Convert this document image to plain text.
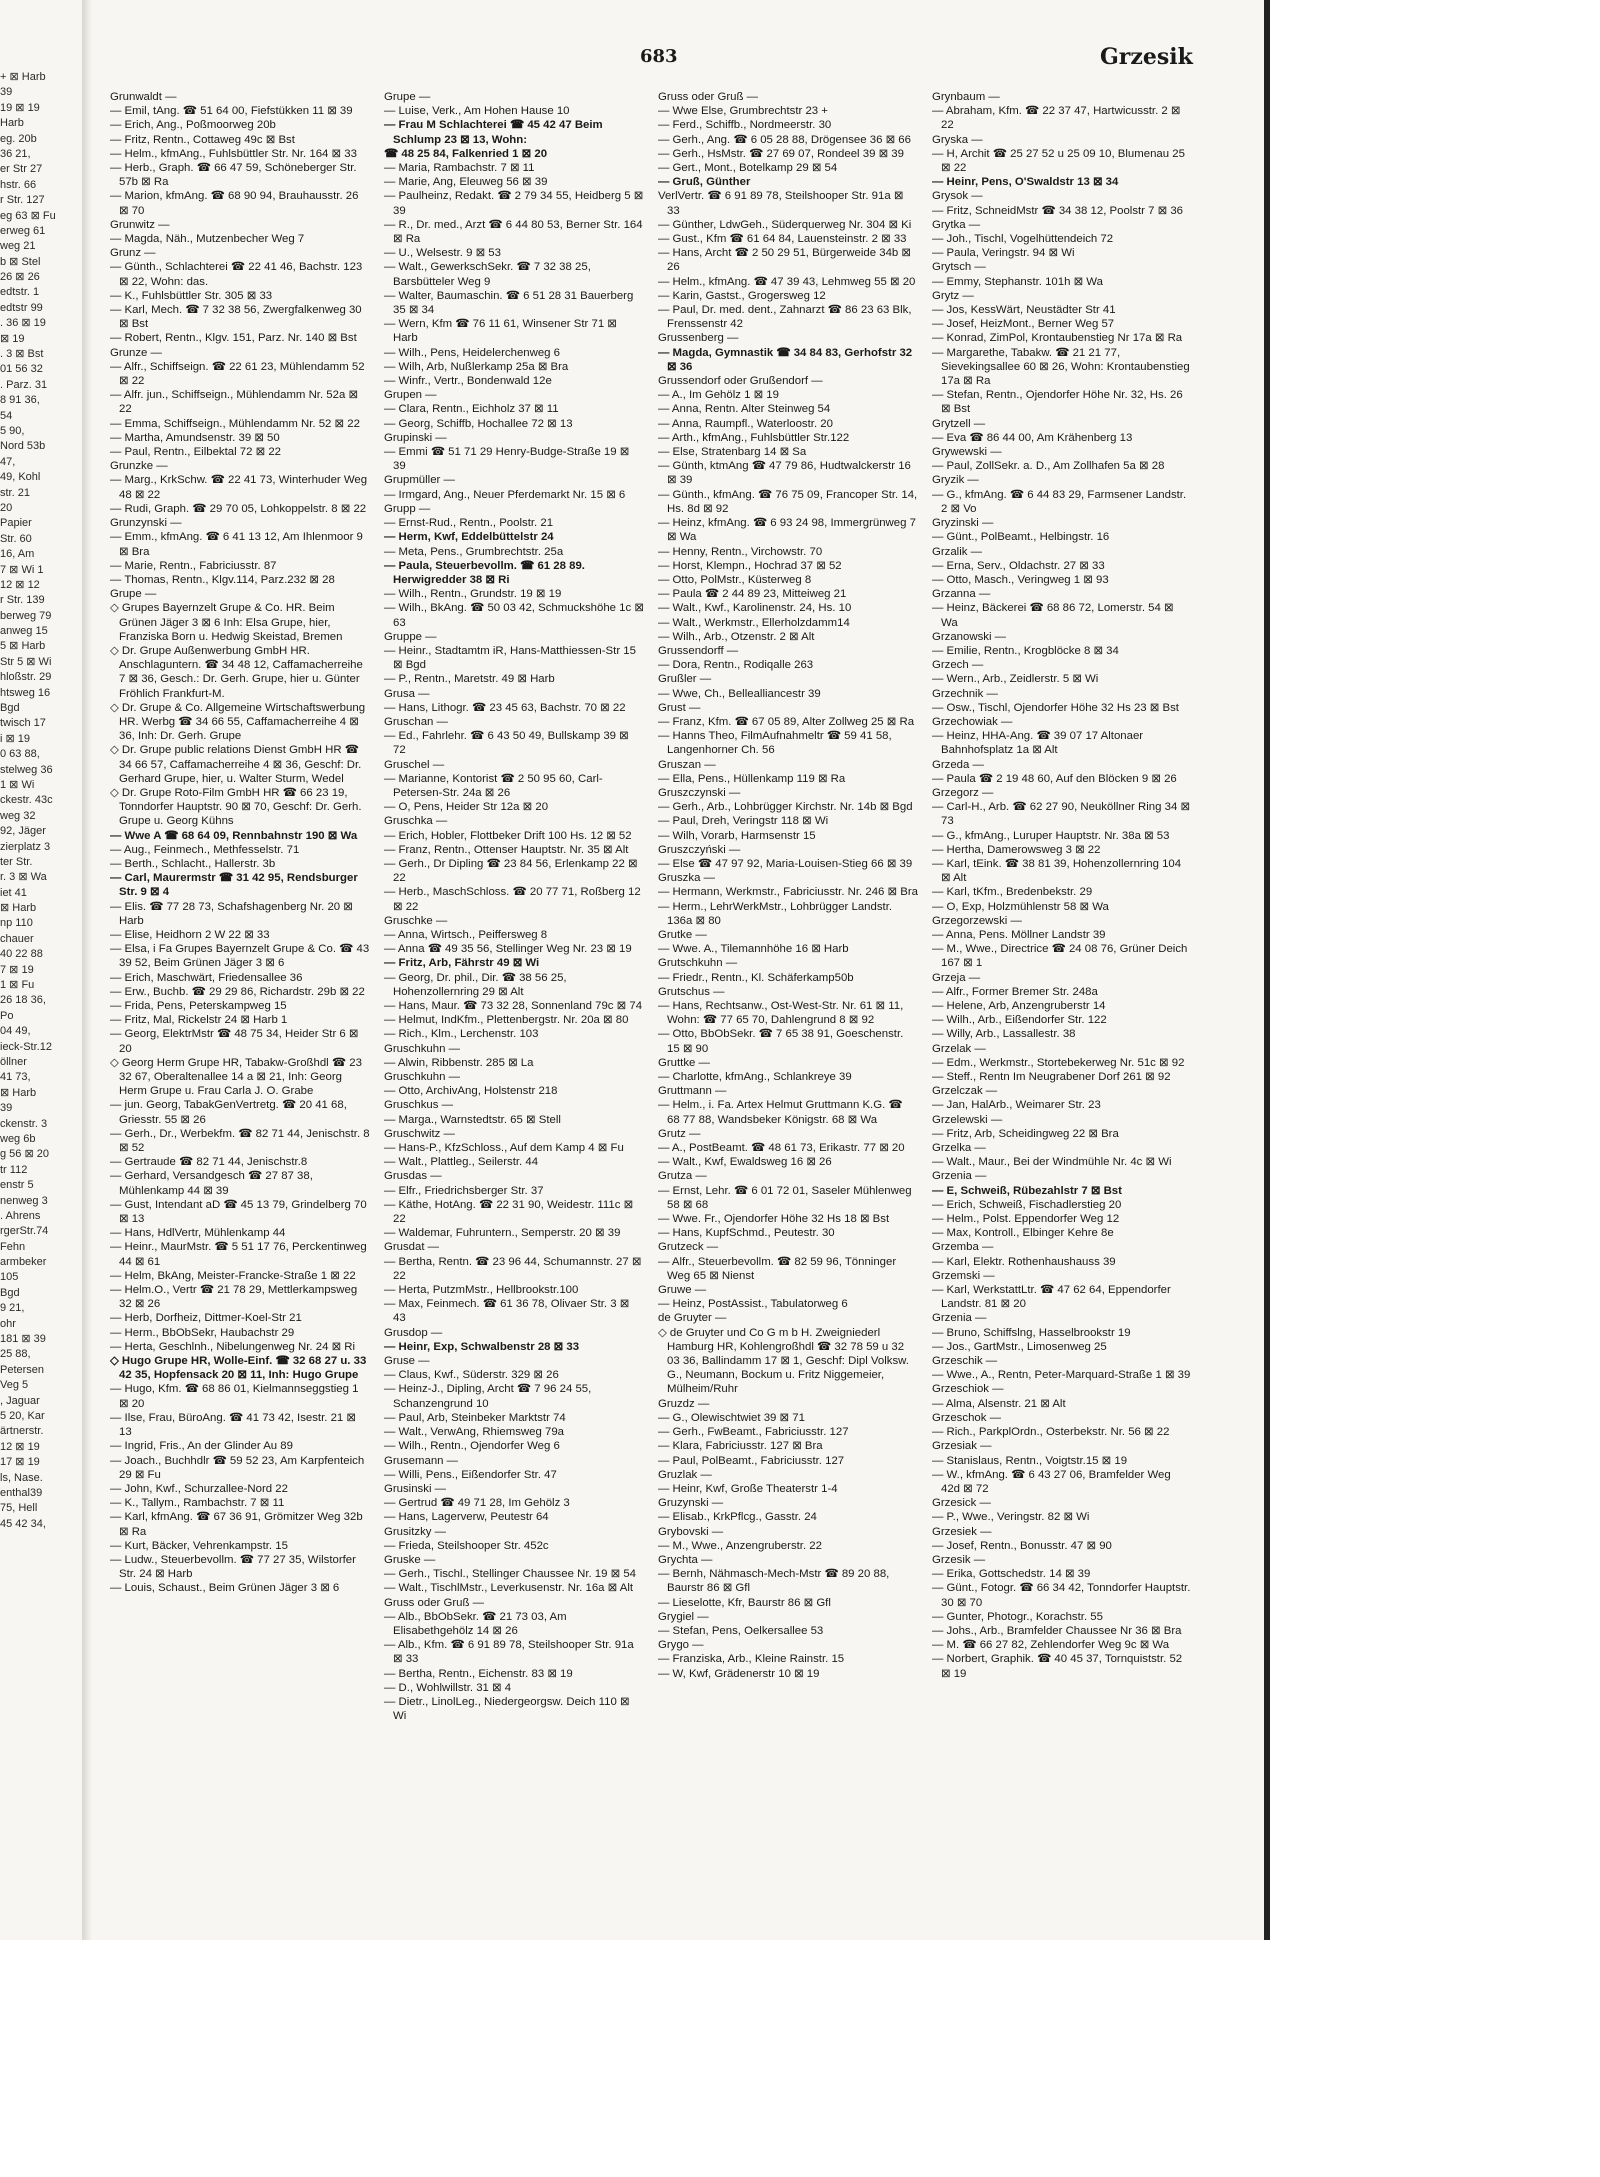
+ ⊠ Harb
39
19 ⊠ 19
Harb
eg. 20b
36 21,
er Str 27
hstr. 66
r Str. 127
eg 63 ⊠ Fu
erweg 61
weg 21
b ⊠ Stel
26 ⊠ 26
edtstr. 1
edtstr 99
. 36 ⊠ 19
⊠ 19
. 3 ⊠ Bst
01 56 32
. Parz. 31
8 91 36,
54
5 90,
Nord 53b
47,
49, Kohl
str. 21
20
Papier
Str. 60
16, Am
7 ⊠ Wi 1
12 ⊠ 12
r Str. 139
berweg 79
anweg 15
5 ⊠ Harb
Str 5 ⊠ Wi
hloßstr. 29
htsweg 16
Bgd
twisch 17
i ⊠ 19
0 63 88,
stelweg 36
1 ⊠ Wi
ckestr. 43c
weg 32
92, Jäger
zierplatz 3
ter Str.
r. 3 ⊠ Wa
iet 41
⊠ Harb
np 110
chauer
40 22 88
7 ⊠ 19
1 ⊠ Fu
26 18 36,
Po
04 49,
ieck-Str.12
öllner
41 73,
⊠ Harb
39
ckenstr. 3
weg 6b
g 56 ⊠ 20
tr 112
enstr 5
nenweg 3
. Ahrens
rgerStr.74
Fehn
armbeker
105
Bgd
9 21,
ohr
181 ⊠ 39
25 88,
Petersen
Veg 5
, Jaguar
5 20, Kar
ärtnerstr.
12 ⊠ 19
17 ⊠ 19
ls, Nase.
enthal39
75, Hell
45 42 34,
683	Grzesik
Grunwaldt —
— Emil, tAng. ☎ 51 64 00, Fiefstükken 11 ⊠ 39
— Erich, Ang., Poßmoorweg 20b
— Fritz, Rentn., Cottaweg 49c ⊠ Bst
— Helm., kfmAng., Fuhlsbüttler Str. Nr. 164 ⊠ 33
— Herb., Graph. ☎ 66 47 59, Schöneberger Str. 57b ⊠ Ra
— Marion, kfmAng. ☎ 68 90 94, Brauhausstr. 26 ⊠ 70
Grunwitz —
— Magda, Näh., Mutzenbecher Weg 7
Grunz —
— Günth., Schlachterei ☎ 22 41 46, Bachstr. 123 ⊠ 22, Wohn: das.
— K., Fuhlsbüttler Str. 305 ⊠ 33
— Karl, Mech. ☎ 7 32 38 56, Zwergfalkenweg 30 ⊠ Bst
— Robert, Rentn., Klgv. 151, Parz. Nr. 140 ⊠ Bst
Grunze —
— Alfr., Schiffseign. ☎ 22 61 23, Mühlendamm 52 ⊠ 22
— Alfr. jun., Schiffseign., Mühlendamm Nr. 52a ⊠ 22
— Emma, Schiffseign., Mühlendamm Nr. 52 ⊠ 22
— Martha, Amundsenstr. 39 ⊠ 50
— Paul, Rentn., Eilbektal 72 ⊠ 22
Grunzke —
— Marg., KrkSchw. ☎ 22 41 73, Winterhuder Weg 48 ⊠ 22
— Rudi, Graph. ☎ 29 70 05, Lohkoppelstr. 8 ⊠ 22
Grunzynski —
— Emm., kfmAng. ☎ 6 41 13 12, Am Ihlenmoor 9 ⊠ Bra
— Marie, Rentn., Fabriciusstr. 87
— Thomas, Rentn., Klgv.114, Parz.232 ⊠ 28
Grupe —
◇ Grupes Bayernzelt Grupe & Co. HR. Beim Grünen Jäger 3 ⊠ 6 Inh: Elsa Grupe, hier, Franziska Born u. Hedwig Skeistad, Bremen
◇ Dr. Grupe Außenwerbung GmbH HR. Anschlaguntern. ☎ 34 48 12, Caffamacherreihe 7 ⊠ 36, Gesch.: Dr. Gerh. Grupe, hier u. Günter Fröhlich Frankfurt-M.
◇ Dr. Grupe & Co. Allgemeine Wirtschaftswerbung HR. Werbg ☎ 34 66 55, Caffamacherreihe 4 ⊠ 36, Inh: Dr. Gerh. Grupe
◇ Dr. Grupe public relations Dienst GmbH HR ☎ 34 66 57, Caffamacherreihe 4 ⊠ 36, Geschf: Dr. Gerhard Grupe, hier, u. Walter Sturm, Wedel
◇ Dr. Grupe Roto-Film GmbH HR ☎ 66 23 19, Tonndorfer Hauptstr. 90 ⊠ 70, Geschf: Dr. Gerh. Grupe u. Georg Kühns
— Wwe A ☎ 68 64 09, Rennbahnstr 190 ⊠ Wa
— Aug., Feinmech., Methfesselstr. 71
— Berth., Schlacht., Hallerstr. 3b
— Carl, Maurermstr ☎ 31 42 95, Rendsburger Str. 9 ⊠ 4
— Elis. ☎ 77 28 73, Schafshagenberg Nr. 20 ⊠ Harb
— Elise, Heidhorn 2 W 22 ⊠ 33
— Elsa, i Fa Grupes Bayernzelt Grupe & Co. ☎ 43 39 52, Beim Grünen Jäger 3 ⊠ 6
— Erich, Maschwärt, Friedensallee 36
— Erw., Buchb. ☎ 29 29 86, Richardstr. 29b ⊠ 22
— Frida, Pens, Peterskampweg 15
— Fritz, Mal, Rickelstr 24 ⊠ Harb 1
— Georg, ElektrMstr ☎ 48 75 34, Heider Str 6 ⊠ 20
◇ Georg Herm Grupe HR, Tabakw-Großhdl ☎ 23 32 67, Oberaltenallee 14 a ⊠ 21, Inh: Georg Herm Grupe u. Frau Carla J. O. Grabe
— jun. Georg, TabakGenVertretg. ☎ 20 41 68, Griesstr. 55 ⊠ 26
— Gerh., Dr., Werbekfm. ☎ 82 71 44, Jenischstr. 8 ⊠ 52
— Gertraude ☎ 82 71 44, Jenischstr.8
— Gerhard, Versandgesch ☎ 27 87 38, Mühlenkamp 44 ⊠ 39
— Gust, Intendant aD ☎ 45 13 79, Grindelberg 70 ⊠ 13
— Hans, HdlVertr, Mühlenkamp 44
— Heinr., MaurMstr. ☎ 5 51 17 76, Perckentinweg 44 ⊠ 61
— Helm, BkAng, Meister-Francke-Straße 1 ⊠ 22
— Helm.O., Vertr ☎ 21 78 29, Mettlerkampsweg 32 ⊠ 26
— Herb, Dorfheiz, Dittmer-Koel-Str 21
— Herm., BbObSekr, Haubachstr 29
— Herta, Geschlnh., Nibelungenweg Nr. 24 ⊠ Ri
◇ Hugo Grupe HR, Wolle-Einf. ☎ 32 68 27 u. 33 42 35, Hopfensack 20 ⊠ 11, Inh: Hugo Grupe
— Hugo, Kfm. ☎ 68 86 01, Kielmannseggstieg 1 ⊠ 20
— Ilse, Frau, BüroAng. ☎ 41 73 42, Isestr. 21 ⊠ 13
— Ingrid, Fris., An der Glinder Au 89
— Joach., Buchhdlr ☎ 59 52 23, Am Karpfenteich 29 ⊠ Fu
— John, Kwf., Schurzallee-Nord 22
— K., Tallym., Rambachstr. 7 ⊠ 11
— Karl, kfmAng. ☎ 67 36 91, Grömitzer Weg 32b ⊠ Ra
— Kurt, Bäcker, Vehrenkampstr. 15
— Ludw., Steuerbevollm. ☎ 77 27 35, Wilstorfer Str. 24 ⊠ Harb
— Louis, Schaust., Beim Grünen Jäger 3 ⊠ 6
Grupe —
— Luise, Verk., Am Hohen Hause 10
— Frau M Schlachterei ☎ 45 42 47 Beim Schlump 23 ⊠ 13, Wohn:
☎ 48 25 84, Falkenried 1 ⊠ 20
— Maria, Rambachstr. 7 ⊠ 11
— Marie, Ang, Eleuweg 56 ⊠ 39
— Paulheinz, Redakt. ☎ 2 79 34 55, Heidberg 5 ⊠ 39
— R., Dr. med., Arzt ☎ 6 44 80 53, Berner Str. 164 ⊠ Ra
— U., Welsestr. 9 ⊠ 53
— Walt., GewerkschSekr. ☎ 7 32 38 25, Barsbütteler Weg 9
— Walter, Baumaschin. ☎ 6 51 28 31 Bauerberg 35 ⊠ 34
— Wern, Kfm ☎ 76 11 61, Winsener Str 71 ⊠ Harb
— Wilh., Pens, Heidelerchenweg 6
— Wilh, Arb, Nußlerkamp 25a ⊠ Bra
— Winfr., Vertr., Bondenwald 12e
Grupen —
— Clara, Rentn., Eichholz 37 ⊠ 11
— Georg, Schiffb, Hochallee 72 ⊠ 13
Grupinski —
— Emmi ☎ 51 71 29 Henry-Budge-Straße 19 ⊠ 39
Grupmüller —
— Irmgard, Ang., Neuer Pferdemarkt Nr. 15 ⊠ 6
Grupp —
— Ernst-Rud., Rentn., Poolstr. 21
— Herm, Kwf, Eddelbüttelstr 24
— Meta, Pens., Grumbrechtstr. 25a
— Paula, Steuerbevollm. ☎ 61 28 89. Herwigredder 38 ⊠ Ri
— Wilh., Rentn., Grundstr. 19 ⊠ 19
— Wilh., BkAng. ☎ 50 03 42, Schmuckshöhe 1c ⊠ 63
Gruppe —
— Heinr., Stadtamtm iR, Hans-Matthiessen-Str 15 ⊠ Bgd
— P., Rentn., Maretstr. 49 ⊠ Harb
Grusa —
— Hans, Lithogr. ☎ 23 45 63, Bachstr. 70 ⊠ 22
Gruschan —
— Ed., Fahrlehr. ☎ 6 43 50 49, Bullskamp 39 ⊠ 72
Gruschel —
— Marianne, Kontorist ☎ 2 50 95 60, Carl-Petersen-Str. 24a ⊠ 26
— O, Pens, Heider Str 12a ⊠ 20
Gruschka —
— Erich, Hobler, Flottbeker Drift 100 Hs. 12 ⊠ 52
— Franz, Rentn., Ottenser Hauptstr. Nr. 35 ⊠ Alt
— Gerh., Dr Dipling ☎ 23 84 56, Erlenkamp 22 ⊠ 22
— Herb., MaschSchloss. ☎ 20 77 71, Roßberg 12 ⊠ 22
Gruschke —
— Anna, Wirtsch., Peiffersweg 8
— Anna ☎ 49 35 56, Stellinger Weg Nr. 23 ⊠ 19
— Fritz, Arb, Fährstr 49 ⊠ Wi
— Georg, Dr. phil., Dir. ☎ 38 56 25, Hohenzollernring 29 ⊠ Alt
— Hans, Maur. ☎ 73 32 28, Sonnenland 79c ⊠ 74
— Helmut, IndKfm., Plettenbergstr. Nr. 20a ⊠ 80
— Rich., Klm., Lerchenstr. 103
Gruschkuhn —
— Alwin, Ribbenstr. 285 ⊠ La
Gruschkuhn —
— Otto, ArchivAng, Holstenstr 218
Gruschkus —
— Marga., Warnstedtstr. 65 ⊠ Stell
Gruschwitz —
— Hans-P., KfzSchloss., Auf dem Kamp 4 ⊠ Fu
— Walt., Plattleg., Seilerstr. 44
Grusdas —
— Elfr., Friedrichsberger Str. 37
— Käthe, HotAng. ☎ 22 31 90, Weidestr. 111c ⊠ 22
— Waldemar, Fuhruntern., Semperstr. 20 ⊠ 39
Grusdat —
— Bertha, Rentn. ☎ 23 96 44, Schumannstr. 27 ⊠ 22
— Herta, PutzmMstr., Hellbrookstr.100
— Max, Feinmech. ☎ 61 36 78, Olivaer Str. 3 ⊠ 43
Grusdop —
— Heinr, Exp, Schwalbenstr 28 ⊠ 33
Gruse —
— Claus, Kwf., Süderstr. 329 ⊠ 26
— Heinz-J., Dipling, Archt ☎ 7 96 24 55, Schanzengrund 10
— Paul, Arb, Steinbeker Marktstr 74
— Walt., VerwAng, Rhiemsweg 79a
— Wilh., Rentn., Ojendorfer Weg 6
Grusemann —
— Willi, Pens., Eißendorfer Str. 47
Grusinski —
— Gertrud ☎ 49 71 28, Im Gehölz 3
— Hans, Lagerverw, Peutestr 64
Grusitzky —
— Frieda, Steilshooper Str. 452c
Gruske —
— Gerh., Tischl., Stellinger Chaussee Nr. 19 ⊠ 54
— Walt., TischlMstr., Leverkusenstr. Nr. 16a ⊠ Alt
Gruss oder Gruß —
— Alb., BbObSekr. ☎ 21 73 03, Am Elisabethgehölz 14 ⊠ 26
— Alb., Kfm. ☎ 6 91 89 78, Steilshooper Str. 91a ⊠ 33
— Bertha, Rentn., Eichenstr. 83 ⊠ 19
— D., Wohlwillstr. 31 ⊠ 4
— Dietr., LinolLeg., Niedergeorgsw. Deich 110 ⊠ Wi
Gruss oder Gruß —
— Wwe Else, Grumbrechtstr 23 +
— Ferd., Schiffb., Nordmeerstr. 30
— Gerh., Ang. ☎ 6 05 28 88, Drögensee 36 ⊠ 66
— Gerh., HsMstr. ☎ 27 69 07, Rondeel 39 ⊠ 39
— Gert., Mont., Botelkamp 29 ⊠ 54
— Gruß, Günther
VerlVertr. ☎ 6 91 89 78, Steilshooper Str. 91a ⊠ 33
— Günther, LdwGeh., Süderquerweg Nr. 304 ⊠ Ki
— Gust., Kfm ☎ 61 64 84, Lauensteinstr. 2 ⊠ 33
— Hans, Archt ☎ 2 50 29 51, Bürgerweide 34b ⊠ 26
— Helm., kfmAng. ☎ 47 39 43, Lehmweg 55 ⊠ 20
— Karin, Gastst., Grogersweg 12
— Paul, Dr. med. dent., Zahnarzt ☎ 86 23 63 Blk, Frenssenstr 42
Grussenberg —
— Magda, Gymnastik ☎ 34 84 83, Gerhofstr 32 ⊠ 36
Grussendorf oder Grußendorf —
— A., Im Gehölz 1 ⊠ 19
— Anna, Rentn. Alter Steinweg 54
— Anna, Raumpfl., Waterloostr. 20
— Arth., kfmAng., Fuhlsbüttler Str.122
— Else, Stratenbarg 14 ⊠ Sa
— Günth, ktmAng ☎ 47 79 86, Hudtwalckerstr 16 ⊠ 39
— Günth., kfmAng. ☎ 76 75 09, Francoper Str. 14, Hs. 8d ⊠ 92
— Heinz, kfmAng. ☎ 6 93 24 98, Immergrünweg 7 ⊠ Wa
— Henny, Rentn., Virchowstr. 70
— Horst, Klempn., Hochrad 37 ⊠ 52
— Otto, PolMstr., Küsterweg 8
— Paula ☎ 2 44 89 23, Mitteiweg 21
— Walt., Kwf., Karolinenstr. 24, Hs. 10
— Walt., Werkmstr., Ellerholzdamm14
— Wilh., Arb., Otzenstr. 2 ⊠ Alt
Grussendorff —
— Dora, Rentn., Rodiqalle 263
Grußler —
— Wwe, Ch., Bellealliancestr 39
Grust —
— Franz, Kfm. ☎ 67 05 89, Alter Zollweg 25 ⊠ Ra
— Hanns Theo, FilmAufnahmeltr ☎ 59 41 58, Langenhorner Ch. 56
Gruszan —
— Ella, Pens., Hüllenkamp 119 ⊠ Ra
Gruszczynski —
— Gerh., Arb., Lohbrügger Kirchstr. Nr. 14b ⊠ Bgd
— Paul, Dreh, Veringstr 118 ⊠ Wi
— Wilh, Vorarb, Harmsenstr 15
Gruszczyński —
— Else ☎ 47 97 92, Maria-Louisen-Stieg 66 ⊠ 39
Gruszka —
— Hermann, Werkmstr., Fabriciusstr. Nr. 246 ⊠ Bra
— Herm., LehrWerkMstr., Lohbrügger Landstr. 136a ⊠ 80
Grutke —
— Wwe. A., Tilemannhöhe 16 ⊠ Harb
Grutschkuhn —
— Friedr., Rentn., Kl. Schäferkamp50b
Grutschus —
— Hans, Rechtsanw., Ost-West-Str. Nr. 61 ⊠ 11, Wohn: ☎ 77 65 70, Dahlengrund 8 ⊠ 92
— Otto, BbObSekr. ☎ 7 65 38 91, Goeschenstr. 15 ⊠ 90
Gruttke —
— Charlotte, kfmAng., Schlankreye 39
Gruttmann —
— Helm., i. Fa. Artex Helmut Gruttmann K.G. ☎ 68 77 88, Wandsbeker Königstr. 68 ⊠ Wa
Grutz —
— A., PostBeamt. ☎ 48 61 73, Erikastr. 77 ⊠ 20
— Walt., Kwf, Ewaldsweg 16 ⊠ 26
Grutza —
— Ernst, Lehr. ☎ 6 01 72 01, Saseler Mühlenweg 58 ⊠ 68
— Wwe. Fr., Ojendorfer Höhe 32 Hs 18 ⊠ Bst
— Hans, KupfSchmd., Peutestr. 30
Grutzeck —
— Alfr., Steuerbevollm. ☎ 82 59 96, Tönninger Weg 65 ⊠ Nienst
Gruwe —
— Heinz, PostAssist., Tabulatorweg 6
de Gruyter —
◇ de Gruyter und Co G m b H. Zweigniederl Hamburg HR, Kohlengroßhdl ☎ 32 78 59 u 32 03 36, Ballindamm 17 ⊠ 1, Geschf: Dipl Volksw. G., Neumann, Bockum u. Fritz Niggemeier, Mülheim/Ruhr
Gruzdz —
— G., Olewischtwiet 39 ⊠ 71
— Gerh., FwBeamt., Fabriciusstr. 127
— Klara, Fabriciusstr. 127 ⊠ Bra
— Paul, PolBeamt., Fabriciusstr. 127
Gruzlak —
— Heinr, Kwf, Große Theaterstr 1-4
Gruzynski —
— Elisab., KrkPflcg., Gasstr. 24
Grybovski —
— M., Wwe., Anzengruberstr. 22
Grychta —
— Bernh, Nähmasch-Mech-Mstr ☎ 89 20 88, Baurstr 86 ⊠ Gfl
— Lieselotte, Kfr, Baurstr 86 ⊠ Gfl
Grygiel —
— Stefan, Pens, Oelkersallee 53
Grygo —
— Franziska, Arb., Kleine Rainstr. 15
— W, Kwf, Grädenerstr 10 ⊠ 19
Grynbaum —
— Abraham, Kfm. ☎ 22 37 47, Hartwicusstr. 2 ⊠ 22
Gryska —
— H, Archit ☎ 25 27 52 u 25 09 10, Blumenau 25 ⊠ 22
— Heinr, Pens, O'Swaldstr 13 ⊠ 34
Grysok —
— Fritz, SchneidMstr ☎ 34 38 12, Poolstr 7 ⊠ 36
Grytka —
— Joh., Tischl, Vogelhüttendeich 72
— Paula, Veringstr. 94 ⊠ Wi
Grytsch —
— Emmy, Stephanstr. 101h ⊠ Wa
Grytz —
— Jos, KessWärt, Neustädter Str 41
— Josef, HeizMont., Berner Weg 57
— Konrad, ZimPol, Krontaubenstieg Nr 17a ⊠ Ra
— Margarethe, Tabakw. ☎ 21 21 77, Sievekingsallee 60 ⊠ 26, Wohn: Krontaubenstieg 17a ⊠ Ra
— Stefan, Rentn., Ojendorfer Höhe Nr. 32, Hs. 26 ⊠ Bst
Grytzell —
— Eva ☎ 86 44 00, Am Krähenberg 13
Grywewski —
— Paul, ZollSekr. a. D., Am Zollhafen 5a ⊠ 28
Gryzik —
— G., kfmAng. ☎ 6 44 83 29, Farmsener Landstr. 2 ⊠ Vo
Gryzinski —
— Günt., PolBeamt., Helbingstr. 16
Grzalik —
— Erna, Serv., Oldachstr. 27 ⊠ 33
— Otto, Masch., Veringweg 1 ⊠ 93
Grzanna —
— Heinz, Bäckerei ☎ 68 86 72, Lomerstr. 54 ⊠ Wa
Grzanowski —
— Emilie, Rentn., Krogblöcke 8 ⊠ 34
Grzech —
— Wern., Arb., Zeidlerstr. 5 ⊠ Wi
Grzechnik —
— Osw., Tischl, Ojendorfer Höhe 32 Hs 23 ⊠ Bst
Grzechowiak —
— Heinz, HHA-Ang. ☎ 39 07 17 Altonaer Bahnhofsplatz 1a ⊠ Alt
Grzeda —
— Paula ☎ 2 19 48 60, Auf den Blöcken 9 ⊠ 26
Grzegorz —
— Carl-H., Arb. ☎ 62 27 90, Neuköllner Ring 34 ⊠ 73
— G., kfmAng., Luruper Hauptstr. Nr. 38a ⊠ 53
— Hertha, Damerowsweg 3 ⊠ 22
— Karl, tEink. ☎ 38 81 39, Hohenzollernring 104 ⊠ Alt
— Karl, tKfm., Bredenbekstr. 29
— O, Exp, Holzmühlenstr 58 ⊠ Wa
Grzegorzewski —
— Anna, Pens. Möllner Landstr 39
— M., Wwe., Directrice ☎ 24 08 76, Grüner Deich 167 ⊠ 1
Grzeja —
— Alfr., Former Bremer Str. 248a
— Helene, Arb, Anzengruberstr 14
— Wilh., Arb., Eißendorfer Str. 122
— Willy, Arb., Lassallestr. 38
Grzelak —
— Edm., Werkmstr., Stortebekerweg Nr. 51c ⊠ 92
— Steff., Rentn Im Neugrabener Dorf 261 ⊠ 92
Grzelczak —
— Jan, HalArb., Weimarer Str. 23
Grzelewski —
— Fritz, Arb, Scheidingweg 22 ⊠ Bra
Grzelka —
— Walt., Maur., Bei der Windmühle Nr. 4c ⊠ Wi
Grzenia —
— E, Schweiß, Rübezahlstr 7 ⊠ Bst
— Erich, Schweiß, Fischadlerstieg 20
— Helm., Polst. Eppendorfer Weg 12
— Max, Kontroll., Elbinger Kehre 8e
Grzemba —
— Karl, Elektr. Rothenhaushauss 39
Grzemski —
— Karl, WerkstattLtr. ☎ 47 62 64, Eppendorfer Landstr. 81 ⊠ 20
Grzenia —
— Bruno, Schiffslng, Hasselbrookstr 19
— Jos., GartMstr., Limosenweg 25
Grzeschik —
— Wwe., A., Rentn, Peter-Marquard-Straße 1 ⊠ 39
Grzeschiok —
— Alma, Alsenstr. 21 ⊠ Alt
Grzeschok —
— Rich., ParkplOrdn., Osterbekstr. Nr. 56 ⊠ 22
Grzesiak —
— Stanislaus, Rentn., Voigtstr.15 ⊠ 19
— W., kfmAng. ☎ 6 43 27 06, Bramfelder Weg 42d ⊠ 72
Grzesick —
— P., Wwe., Veringstr. 82 ⊠ Wi
Grzesiek —
— Josef, Rentn., Bonusstr. 47 ⊠ 90
Grzesik —
— Erika, Gottschedstr. 14 ⊠ 39
— Günt., Fotogr. ☎ 66 34 42, Tonndorfer Hauptstr. 30 ⊠ 70
— Gunter, Photogr., Korachstr. 55
— Johs., Arb., Bramfelder Chaussee Nr 36 ⊠ Bra
— M. ☎ 66 27 82, Zehlendorfer Weg 9c ⊠ Wa
— Norbert, Graphik. ☎ 40 45 37, Tornquiststr. 52 ⊠ 19
